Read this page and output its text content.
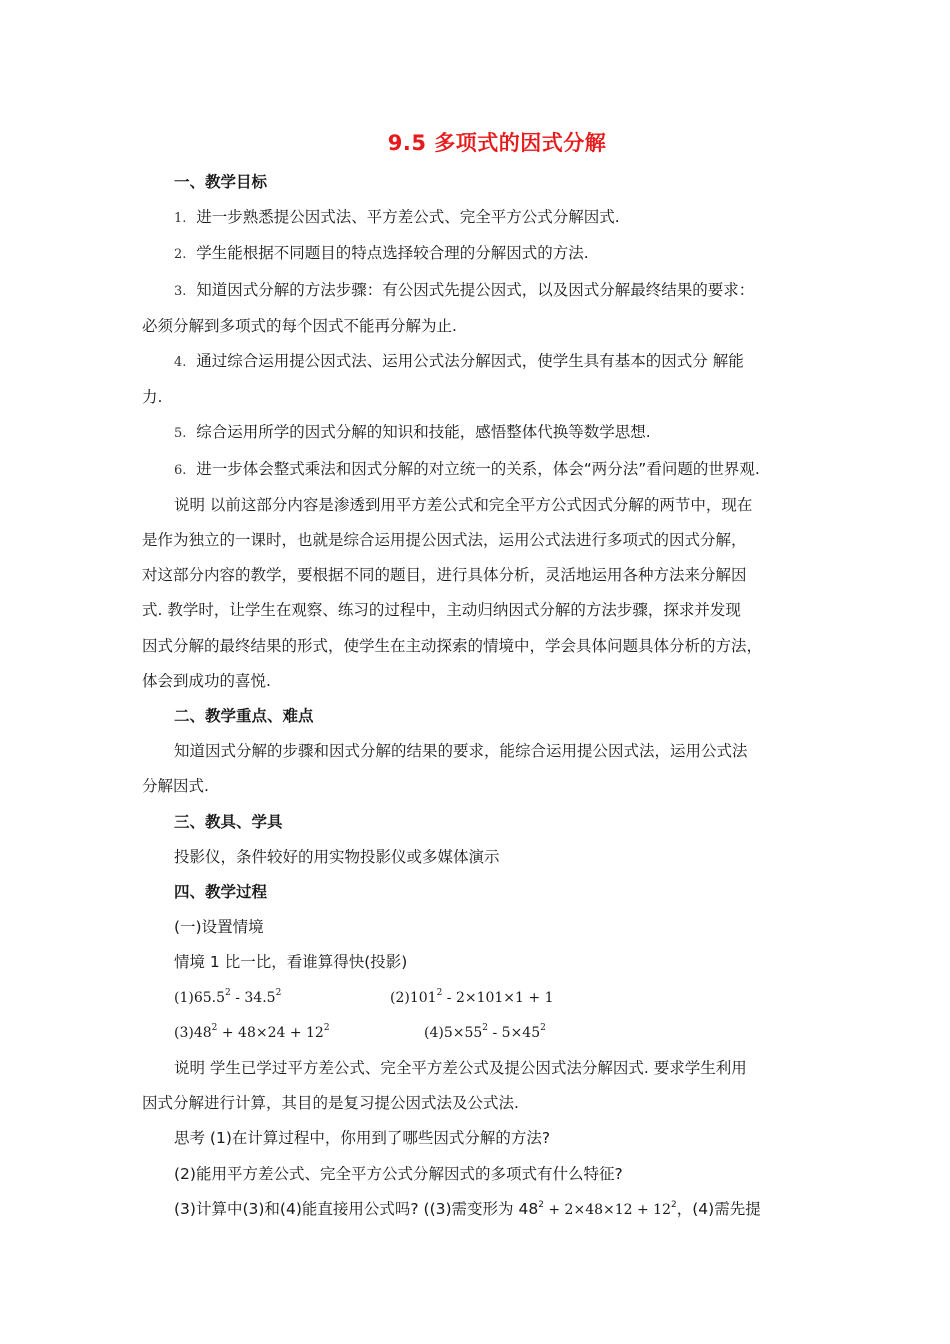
9.5 多项式的因式分解

一、教学目标

1. 进一步熟悉提公因式法、平方差公式、完全平方公式分解因式.

2. 学生能根据不同题目的特点选择较合理的分解因式的方法.

3. 知道因式分解的方法步骤：有公因式先提公因式，以及因式分解最终结果的要求：

必须分解到多项式的每个因式不能再分解为止.

4. 通过综合运用提公因式法、运用公式法分解因式，使学生具有基本的因式分 解能

力.

5. 综合运用所学的因式分解的知识和技能，感悟整体代换等数学思想.

6. 进一步体会整式乘法和因式分解的对立统一的关系，体会“两分法”看问题的世界观.

说明 以前这部分内容是渗透到用平方差公式和完全平方公式因式分解的两节中，现在

是作为独立的一课时，也就是综合运用提公因式法，运用公式法进行多项式的因式分解，

对这部分内容的教学，要根据不同的题目，进行具体分析，灵活地运用各种方法来分解因

式. 教学时，让学生在观察、练习的过程中，主动归纳因式分解的方法步骤，探求并发现

因式分解的最终结果的形式，使学生在主动探索的情境中，学会具体问题具体分析的方法，

体会到成功的喜悦.

二、教学重点、难点

知道因式分解的步骤和因式分解的结果的要求，能综合运用提公因式法，运用公式法

分解因式.

三、教具、学具

投影仪，条件较好的用实物投影仪或多媒体演示

四、教学过程

(一)设置情境

情境 1 比一比，看谁算得快(投影)

(1)65.5$^2$ - 34.5$^2$	$(2)101^2 - 2\times 101\times 1 + 1$
$(3)48^2 + 48\times 24 + 12^2$	$(4)5\times 55^2 - 5\times 45^2$

说明 学生已学过平方差公式、完全平方差公式及提公因式法分解因式. 要求学生利用

因式分解进行计算，其目的是复习提公因式法及公式法.

思考 (1)在计算过程中，你用到了哪些因式分解的方法?

(2)能用平方差公式、完全平方公式分解因式的多项式有什么特征?

(3)计算中(3)和(4)能直接用公式吗? ((3)需变形为 $48^2 + 2\times 48\times 12 + 12^2$，(4)需先提
